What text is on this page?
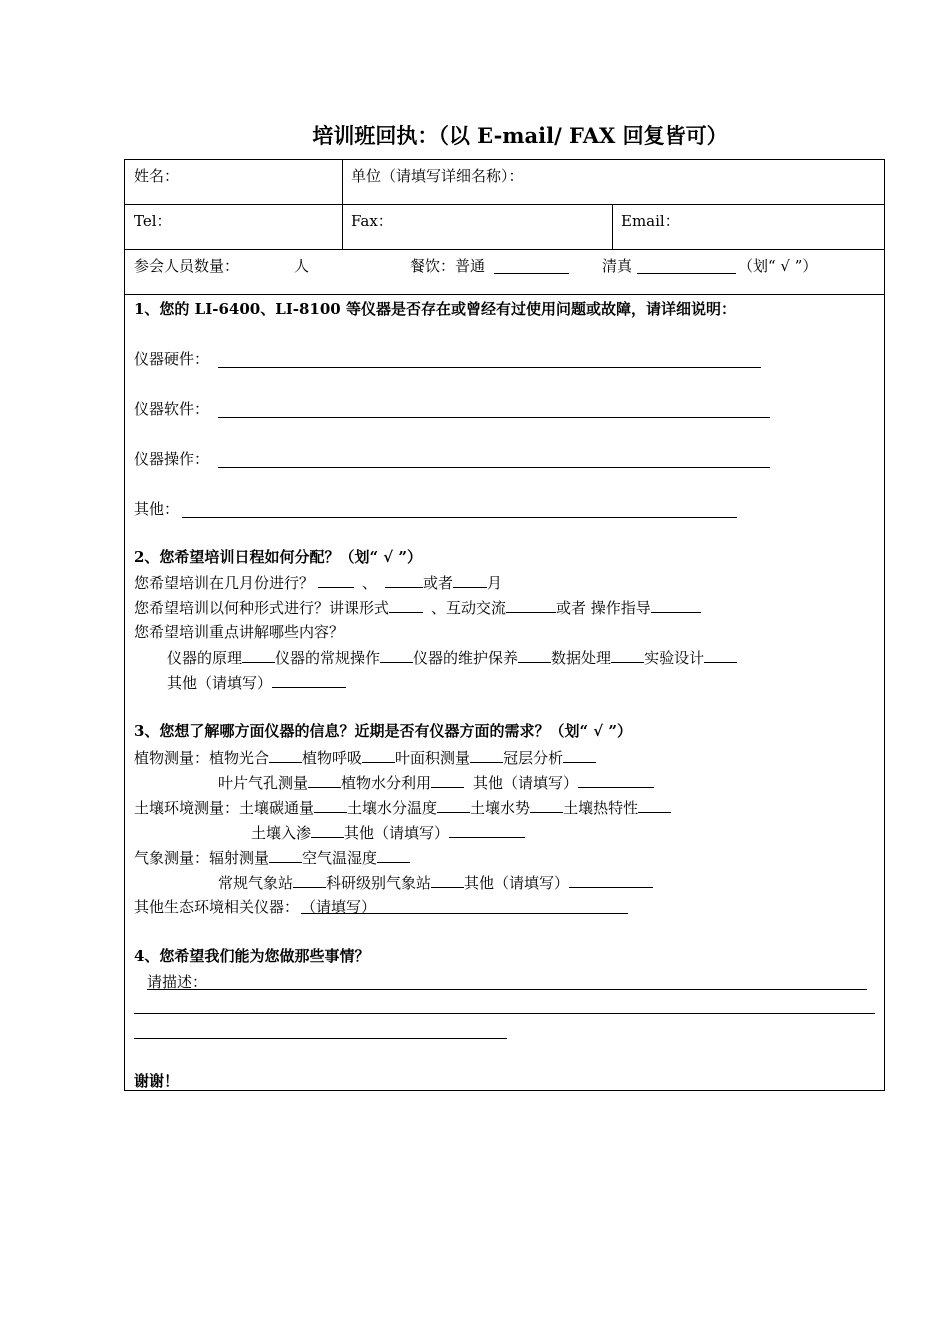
培训班回执：（以 E-mail/ FAX 回复皆可）
姓名：	单位（请填写详细名称）：
Tel：	Fax：	Email：
参会人员数量：	人	餐饮：普通	清真	（划“ √ ”）
1、您的 LI-6400、LI-8100 等仪器是否存在或曾经有过使用问题或故障，请详细说明：
仪器硬件：
仪器软件：
仪器操作：
其他：
2、您希望培训日程如何分配？（划“ √ ”）
您希望培训在几月份进行？	、	或者 月
您希望培训以何种形式进行？讲课形式	、互动交流	或者 操作指导
您希望培训重点讲解哪些内容？
仪器的原理 仪器的常规操作 仪器的维护保养 数据处理 实验设计
其他（请填写）
3、您想了解哪方面仪器的信息？近期是否有仪器方面的需求？（划“ √ ”）
植物测量：植物光合 植物呼吸 叶面积测量 冠层分析
叶片气孔测量 植物水分利用	其他（请填写）
土壤环境测量：土壤碳通量 土壤水分温度 土壤水势 土壤热特性
土壤入渗 其他（请填写）
气象测量：辐射测量 空气温湿度
常规气象站 科研级别气象站 其他（请填写）
其他生态环境相关仪器： （请填写）
4、您希望我们能为您做那些事情？
请描述：
谢谢！
